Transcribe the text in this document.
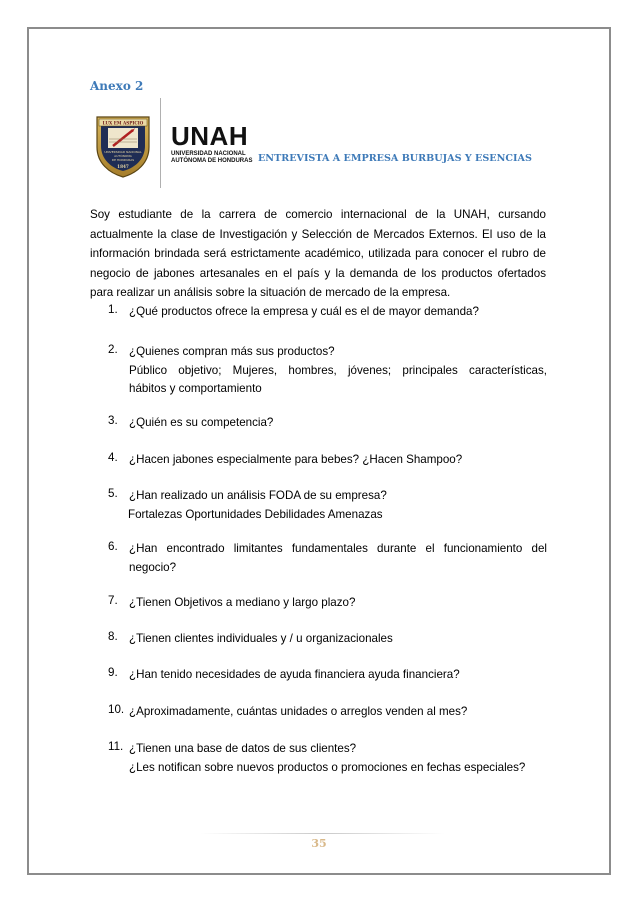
Anexo 2
LUX EM ASPICIO
UNIVERSIDAD NACIONAL
AUTÓNOMA
DE HONDURAS
1847
UNAH
UNIVERSIDAD NACIONAL
AUTÓNOMA DE HONDURAS ENTREVISTA A EMPRESA BURBUJAS Y ESENCIAS
Soy estudiante de la carrera de comercio internacional de la UNAH, cursando actualmente la clase de Investigación y Selección de Mercados Externos. El uso de la información brindada será estrictamente académico, utilizada para conocer el rubro de negocio de jabones artesanales en el país y la demanda de los productos ofertados para realizar un análisis sobre la situación de mercado de la empresa.
1. ¿Qué productos ofrece la empresa y cuál es el de mayor demanda?
2. ¿Quienes compran más sus productos?
Público objetivo; Mujeres, hombres, jóvenes; principales características,
hábitos y comportamiento
3. ¿Quién es su competencia?
4. ¿Hacen jabones especialmente para bebes? ¿Hacen Shampoo?
5. ¿Han realizado un análisis FODA de su empresa?
Fortalezas Oportunidades Debilidades Amenazas
6. ¿Han encontrado limitantes fundamentales durante el funcionamiento del
negocio?
7. ¿Tienen Objetivos a mediano y largo plazo?
8. ¿Tienen clientes individuales y / u organizacionales
9. ¿Han tenido necesidades de ayuda financiera ayuda financiera?
10. ¿Aproximadamente, cuántas unidades o arreglos venden al mes?
11. ¿Tienen una base de datos de sus clientes?
¿Les notifican sobre nuevos productos o promociones en fechas especiales?
35
